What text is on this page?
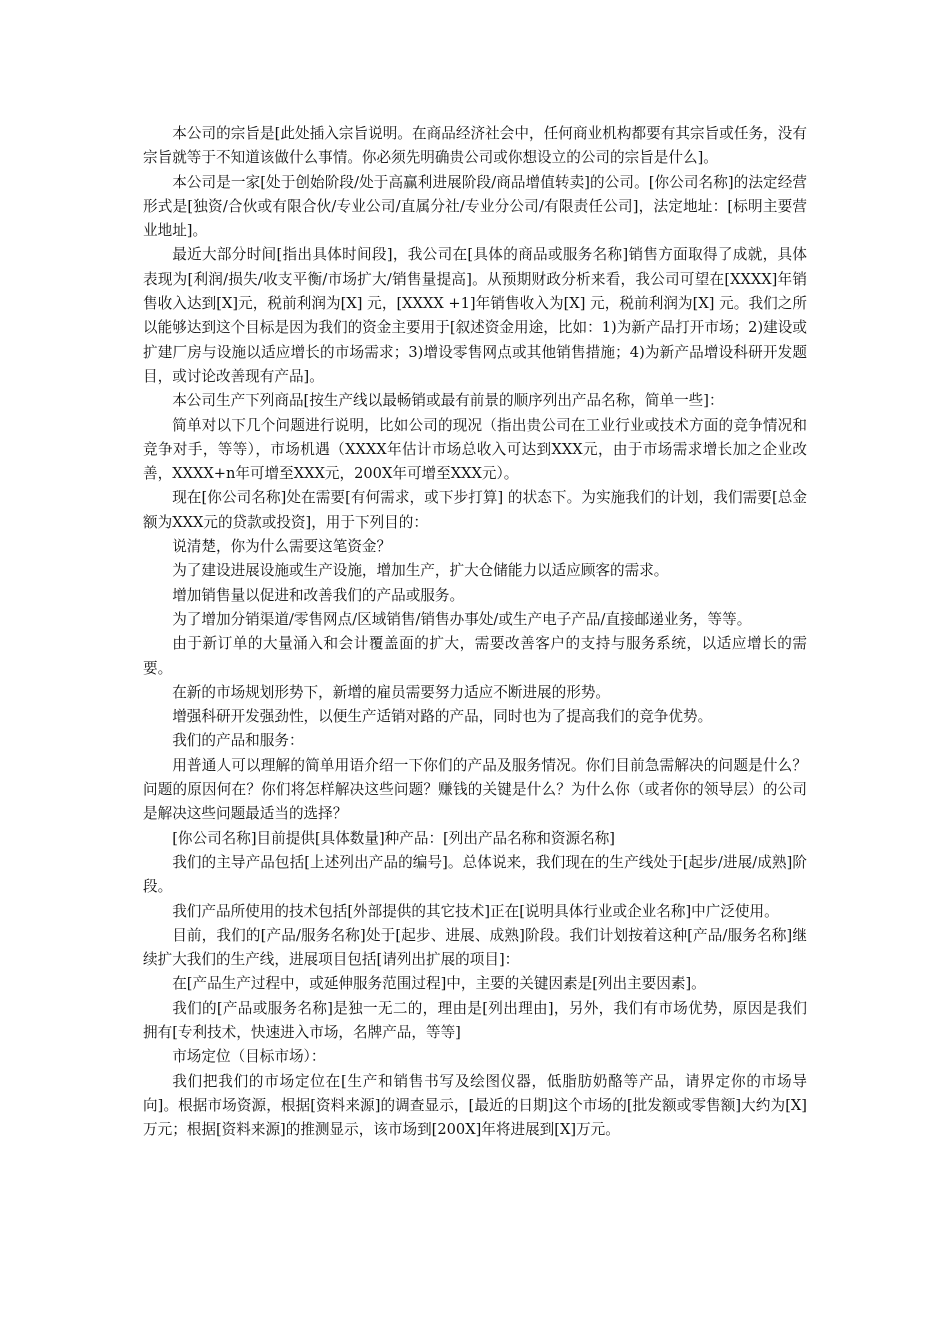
本公司的宗旨是[此处插入宗旨说明。在商品经济社会中，任何商业机构都要有其宗旨或任务，没有宗旨就等于不知道该做什么事情。你必须先明确贵公司或你想设立的公司的宗旨是什么]。

本公司是一家[处于创始阶段/处于高赢利进展阶段/商品增值转卖]的公司。[你公司名称]的法定经营形式是[独资/合伙或有限合伙/专业公司/直属分社/专业分公司/有限责任公司]，法定地址：[标明主要营业地址]。

最近大部分时间[指出具体时间段]，我公司在[具体的商品或服务名称]销售方面取得了成就，具体表现为[利润/损失/收支平衡/市场扩大/销售量提高]。从预期财政分析来看，我公司可望在[XXXX]年销售收入达到[X]元，税前利润为[X] 元，[XXXX +1]年销售收入为[X] 元，税前利润为[X] 元。我们之所以能够达到这个目标是因为我们的资金主要用于[叙述资金用途，比如：1)为新产品打开市场；2)建设或扩建厂房与设施以适应增长的市场需求；3)增设零售网点或其他销售措施；4)为新产品增设科研开发题目，或讨论改善现有产品]。

本公司生产下列商品[按生产线以最畅销或最有前景的顺序列出产品名称，简单一些]：

简单对以下几个问题进行说明，比如公司的现况（指出贵公司在工业行业或技术方面的竞争情况和竞争对手，等等），市场机遇（XXXX年估计市场总收入可达到XXX元，由于市场需求增长加之企业改善，XXXX+n年可增至XXX元，200X年可增至XXX元）。

现在[你公司名称]处在需要[有何需求，或下步打算] 的状态下。为实施我们的计划，我们需要[总金额为XXX元的贷款或投资]，用于下列目的：

说清楚，你为什么需要这笔资金？

为了建设进展设施或生产设施，增加生产，扩大仓储能力以适应顾客的需求。

增加销售量以促进和改善我们的产品或服务。

为了增加分销渠道/零售网点/区域销售/销售办事处/或生产电子产品/直接邮递业务，等等。

由于新订单的大量涌入和会计覆盖面的扩大，需要改善客户的支持与服务系统，以适应增长的需要。

在新的市场规划形势下，新增的雇员需要努力适应不断进展的形势。

增强科研开发强劲性，以便生产适销对路的产品，同时也为了提高我们的竞争优势。

我们的产品和服务：

用普通人可以理解的简单用语介绍一下你们的产品及服务情况。你们目前急需解决的问题是什么？问题的原因何在？你们将怎样解决这些问题？赚钱的关键是什么？为什么你（或者你的领导层）的公司是解决这些问题最适当的选择？

[你公司名称]目前提供[具体数量]种产品：[列出产品名称和资源名称]

我们的主导产品包括[上述列出产品的编号]。总体说来，我们现在的生产线处于[起步/进展/成熟]阶段。

我们产品所使用的技术包括[外部提供的其它技术]正在[说明具体行业或企业名称]中广泛使用。

目前，我们的[产品/服务名称]处于[起步、进展、成熟]阶段。我们计划按着这种[产品/服务名称]继续扩大我们的生产线，进展项目包括[请列出扩展的项目]：

在[产品生产过程中，或延伸服务范围过程]中，主要的关键因素是[列出主要因素]。

我们的[产品或服务名称]是独一无二的，理由是[列出理由]，另外，我们有市场优势，原因是我们拥有[专利技术，快速进入市场，名牌产品，等等]

市场定位（目标市场）：

我们把我们的市场定位在[生产和销售书写及绘图仪器，低脂肪奶酪等产品，请界定你的市场导向]。根据市场资源，根据[资料来源]的调查显示，[最近的日期]这个市场的[批发额或零售额]大约为[X]万元；根据[资料来源]的推测显示，该市场到[200X]年将进展到[X]万元。
